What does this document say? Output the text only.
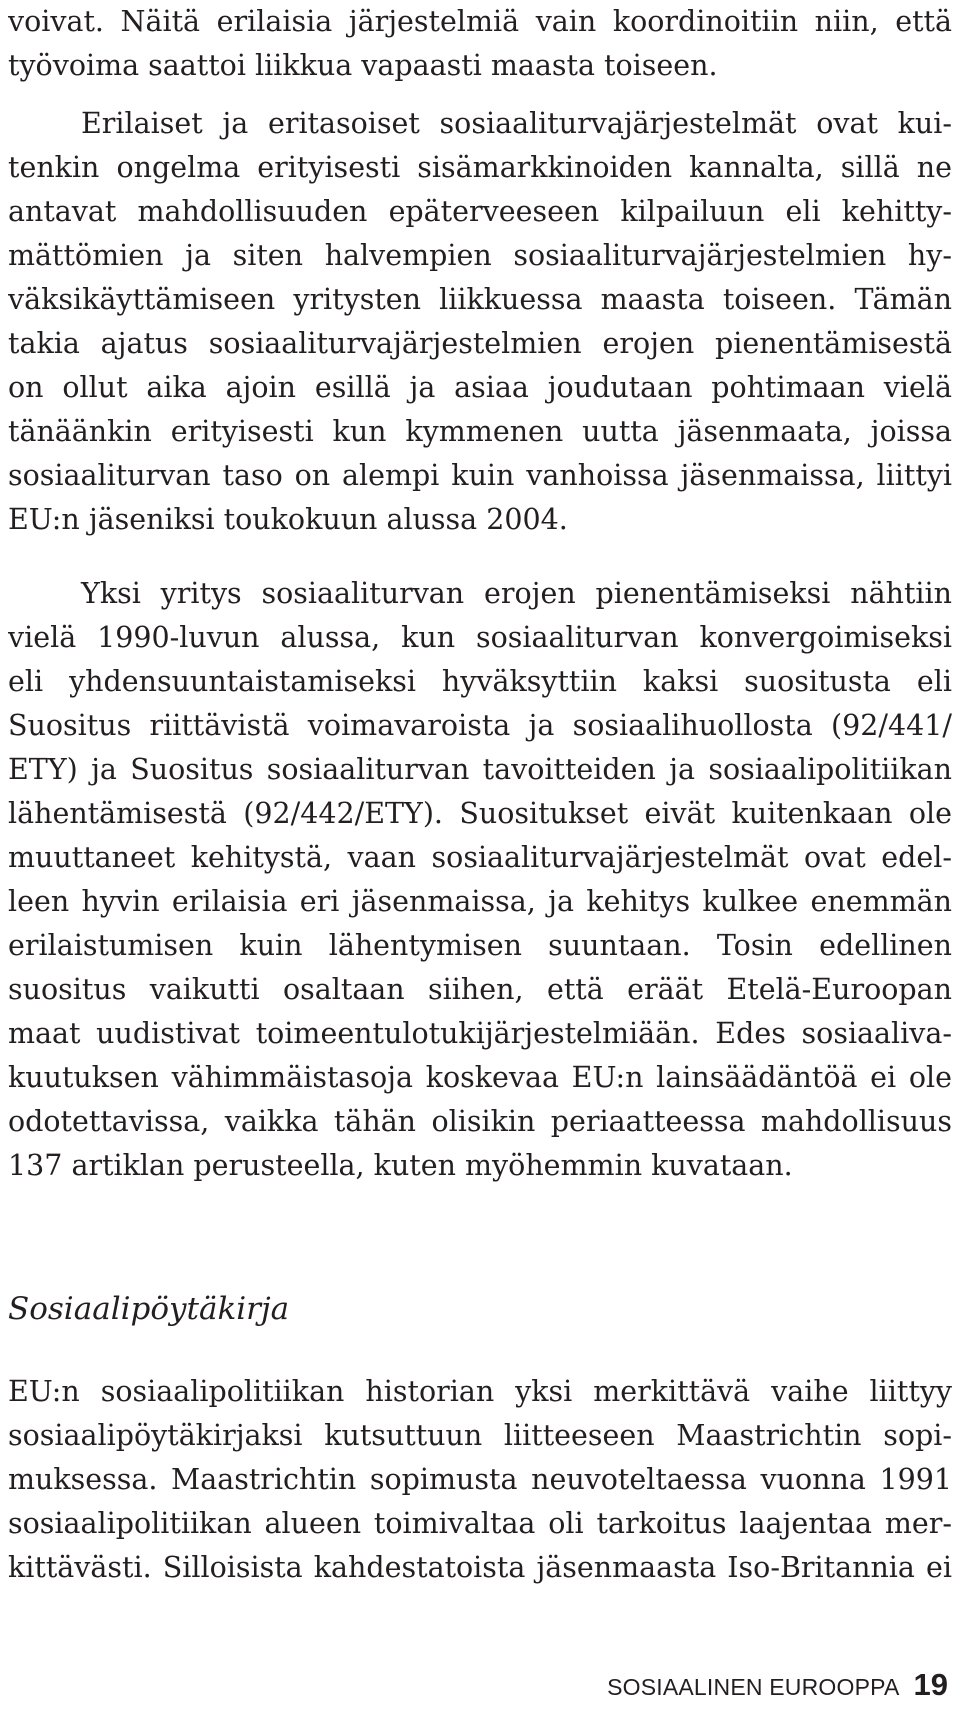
voivat. Näitä erilaisia järjestelmiä vain koordinoitiin niin, että
työvoima saattoi liikkua vapaasti maasta toiseen.
Erilaiset ja eritasoiset sosiaaliturvajärjestelmät ovat kui-
tenkin ongelma erityisesti sisämarkkinoiden kannalta, sillä ne
antavat mahdollisuuden epäterveeseen kilpailuun eli kehitty-
mättömien ja siten halvempien sosiaaliturvajärjestelmien hy-
väksikäyttämiseen yritysten liikkuessa maasta toiseen. Tämän
takia ajatus sosiaaliturvajärjestelmien erojen pienentämisestä
on ollut aika ajoin esillä ja asiaa joudutaan pohtimaan vielä
tänäänkin erityisesti kun kymmenen uutta jäsenmaata, joissa
sosiaaliturvan taso on alempi kuin vanhoissa jäsenmaissa, liittyi
EU:n jäseniksi toukokuun alussa 2004.
Yksi yritys sosiaaliturvan erojen pienentämiseksi nähtiin
vielä 1990-luvun alussa, kun sosiaaliturvan konvergoimiseksi
eli yhdensuuntaistamiseksi hyväksyttiin kaksi suositusta eli
Suositus riittävistä voimavaroista ja sosiaalihuollosta (92/441/
ETY) ja Suositus sosiaaliturvan tavoitteiden ja sosiaalipolitiikan
lähentämisestä (92/442/ETY). Suositukset eivät kuitenkaan ole
muuttaneet kehitystä, vaan sosiaaliturvajärjestelmät ovat edel-
leen hyvin erilaisia eri jäsenmaissa, ja kehitys kulkee enemmän
erilaistumisen kuin lähentymisen suuntaan. Tosin edellinen
suositus vaikutti osaltaan siihen, että eräät Etelä-Euroopan
maat uudistivat toimeentulotukijärjestelmiään. Edes sosiaaliva-
kuutuksen vähimmäistasoja koskevaa EU:n lainsäädäntöä ei ole
odotettavissa, vaikka tähän olisikin periaatteessa mahdollisuus
137 artiklan perusteella, kuten myöhemmin kuvataan.
Sosiaalipöytäkirja
EU:n sosiaalipolitiikan historian yksi merkittävä vaihe liittyy
sosiaalipöytäkirjaksi kutsuttuun liitteeseen Maastrichtin sopi-
muksessa. Maastrichtin sopimusta neuvoteltaessa vuonna 1991
sosiaalipolitiikan alueen toimivaltaa oli tarkoitus laajentaa mer-
kittävästi. Silloisista kahdestatoista jäsenmaasta Iso-Britannia ei
SOSIAALINEN EUROOPPA 19
